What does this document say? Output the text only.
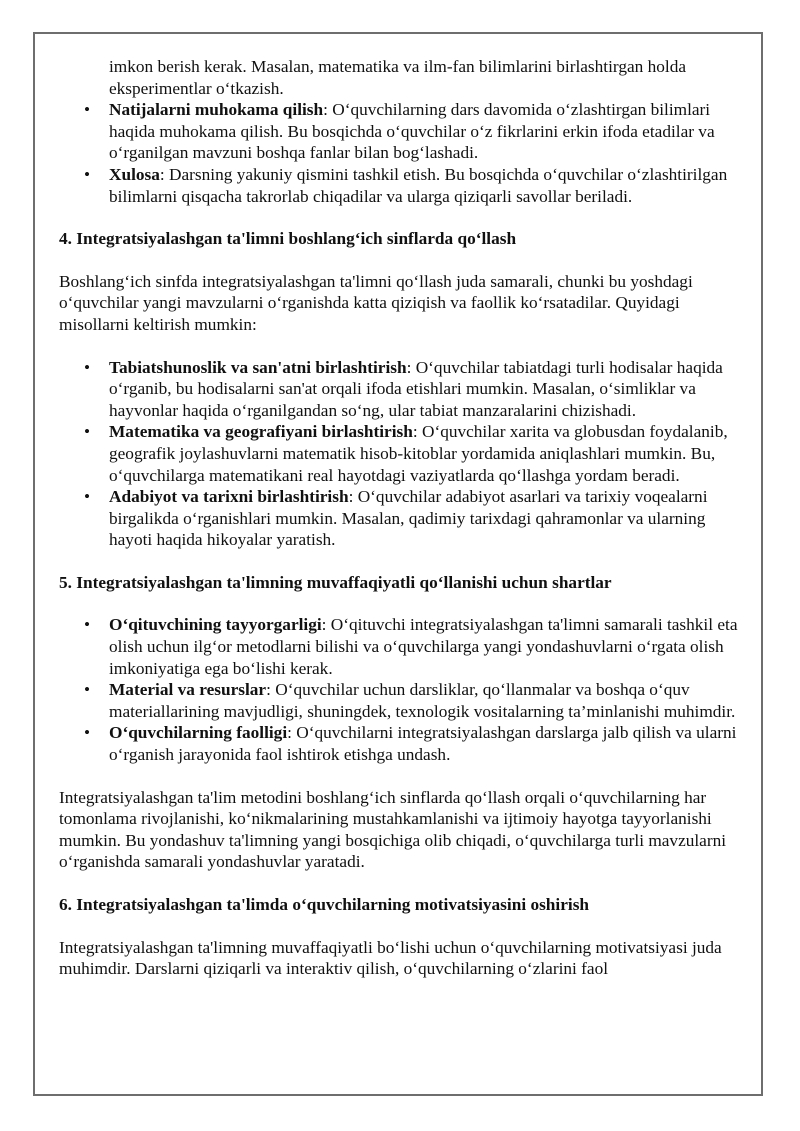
imkon berish kerak. Masalan, matematika va ilm-fan bilimlarini birlashtirgan holda eksperimentlar o‘tkazish.

• Natijalarni muhokama qilish: O‘quvchilarning dars davomida o‘zlashtirgan bilimlari haqida muhokama qilish. Bu bosqichda o‘quvchilar o‘z fikrlarini erkin ifoda etadilar va o‘rganilgan mavzuni boshqa fanlar bilan bog‘lashadi.
• Xulosa: Darsning yakuniy qismini tashkil etish. Bu bosqichda o‘quvchilar o‘zlashtirilgan bilimlarni qisqacha takrorlab chiqadilar va ularga qiziqarli savollar beriladi.
4. Integratsiyalashgan ta'limni boshlang‘ich sinflarda qo‘llash

Boshlang‘ich sinfda integratsiyalashgan ta'limni qo‘llash juda samarali, chunki bu yoshdagi o‘quvchilar yangi mavzularni o‘rganishda katta qiziqish va faollik ko‘rsatadilar. Quyidagi misollarni keltirish mumkin:

• Tabiatshunoslik va san'atni birlashtirish: O‘quvchilar tabiatdagi turli hodisalar haqida o‘rganib, bu hodisalarni san'at orqali ifoda etishlari mumkin. Masalan, o‘simliklar va hayvonlar haqida o‘rganilgandan so‘ng, ular tabiat manzaralarini chizishadi.
• Matematika va geografiyani birlashtirish: O‘quvchilar xarita va globusdan foydalanib, geografik joylashuvlarni matematik hisob-kitoblar yordamida aniqlashlari mumkin. Bu, o‘quvchilarga matematikani real hayotdagi vaziyatlarda qo‘llashga yordam beradi.
• Adabiyot va tarixni birlashtirish: O‘quvchilar adabiyot asarlari va tarixiy voqealarni birgalikda o‘rganishlari mumkin. Masalan, qadimiy tarixdagi qahramonlar va ularning hayoti haqida hikoyalar yaratish.
5. Integratsiyalashgan ta'limning muvaffaqiyatli qo‘llanishi uchun shartlar
• O‘qituvchining tayyorgarligi: O‘qituvchi integratsiyalashgan ta'limni samarali tashkil eta olish uchun ilg‘or metodlarni bilishi va o‘quvchilarga yangi yondashuvlarni o‘rgata olish imkoniyatiga ega bo‘lishi kerak.
• Material va resurslar: O‘quvchilar uchun darsliklar, qo‘llanmalar va boshqa o‘quv materiallarining mavjudligi, shuningdek, texnologik vositalarning ta’minlanishi muhimdir.
• O‘quvchilarning faolligi: O‘quvchilarni integratsiyalashgan darslarga jalb qilish va ularni o‘rganish jarayonida faol ishtirok etishga undash.

Integratsiyalashgan ta'lim metodini boshlang‘ich sinflarda qo‘llash orqali o‘quvchilarning har tomonlama rivojlanishi, ko‘nikmalarining mustahkamlanishi va ijtimoiy hayotga tayyorlanishi mumkin. Bu yondashuv ta'limning yangi bosqichiga olib chiqadi, o‘quvchilarga turli mavzularni o‘rganishda samarali yondashuvlar yaratadi.

6. Integratsiyalashgan ta'limda o‘quvchilarning motivatsiyasini oshirish

Integratsiyalashgan ta'limning muvaffaqiyatli bo‘lishi uchun o‘quvchilarning motivatsiyasi juda muhimdir. Darslarni qiziqarli va interaktiv qilish, o‘quvchilarning o‘zlarini faol
